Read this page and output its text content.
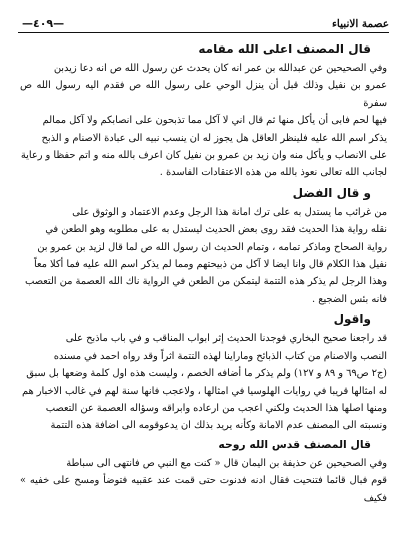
—٤٠٩—	عصمة الانبياء
قال المصنف اعلى الله مقامه

وفي الصحيحين عن عبدالله بن عمر انه كان يحدث عن رسول الله ص انه دعا زيدبن

عمرو بن نفيل وذلك قبل أن ينزل الوحي على رسول الله ص فقدم اليه رسول الله ص سفرة

فيها لحم فابى أن يأكل منها ثم قال اني لا آكل مما تذبحون على انصابكم ولا آكل ممالم

يذكر اسم الله عليه فلينظر العاقل هل يجوز له ان ينسب نبيه الى عبادة الاصنام و الذبح

على الانصاب و يأكل منه وان زيد بن عمرو بن نفيل كان اعرف بالله منه و اتم حفظا و رعاية

لجانب الله تعالى نعوذ بالله من هذه الاعتقادات الفاسدة .

و قال الفضل

من غرائب ما يستدل به على ترك امانة هذا الرجل وعدم الاعتماد و الوثوق على

نقله رواية هذا الحديث فقد روى بعض الحديث ليستدل به على مطلوبه وهو الطعن في

رواية الصحاح وماذكر تمامه ، وتمام الحديث ان رسول الله ص لما قال لزيد بن عمرو بن

نفيل هذا الكلام قال وانا ايضا لا آكل من ذبيحتهم ومما لم يذكر اسم الله عليه فما أكلا معاً

وهذا الرجل لم يذكر هذه التتمة ليتمكن من الطعن في الرواية ناك الله العصمة من التعصب

فانه بئس الضجيع .

واقول

قد راجعنا صحيح البخاري فوجدنا الحديث إثر ابواب المناقب و في باب ماذبح على

النصب والاصنام من كتاب الذبائح وماراينا لهذه التتمة اثراً وقد رواه احمد في مسنده

(ج٢ ص٦٩ و ٨٩ و ١٢٧) ولم يذكر ما أضافه الخصم ، وليست هذه اول كلمة وضعها بل سبق

له امثالها قريبا في روايات الهلوسيا في امثالها ، ولاعجب فانها سنة لهم في غالب الاخبار هم

ومنها اصلها هذا الحديث ولكني اعجب من ارعاده وابراقه وسؤاله العصمة عن التعصب

ونسبته الى المصنف عدم الامانة وكأنه يريد بذلك ان يدعوقومه الى اضافة هذه التتمة

قال المصنف قدس الله روحه

وفي الصحيحين عن حذيفة بن اليمان قال « كنت مع النبي ص فانتهى الى سباطة

قوم فبال قائما فتنحيت فقال ادنه فدنوت حتى قمت عند عقبيه فتوضأ ومسح على خفيه » فكيف
